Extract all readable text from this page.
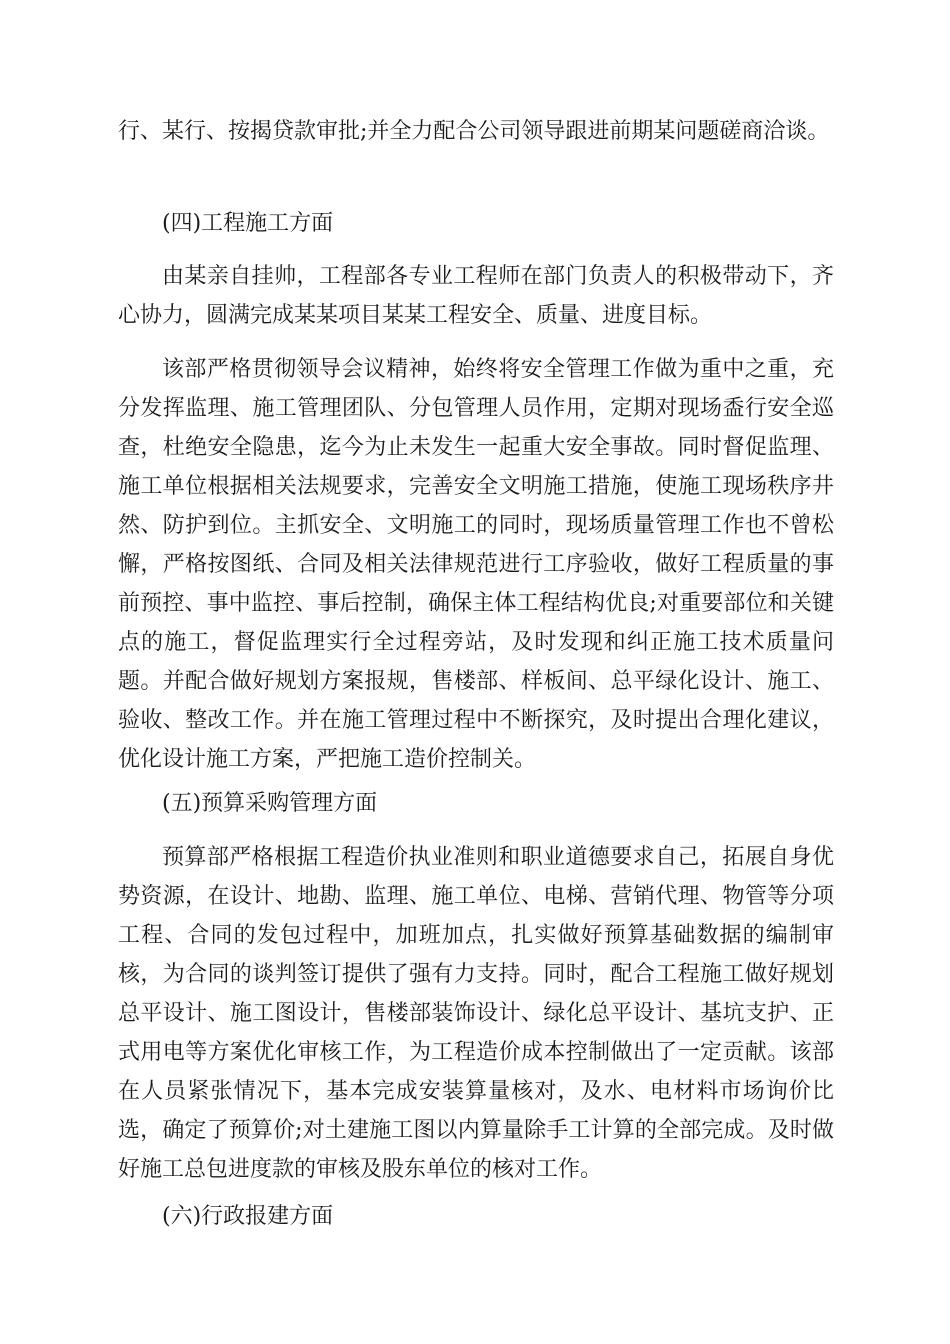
行、某行、按揭贷款审批;并全力配合公司领导跟进前期某问题磋商洽谈。

(四)工程施工方面

由某亲自挂帅，工程部各专业工程师在部门负责人的积极带动下，齐心协力，圆满完成某某项目某某工程安全、质量、进度目标。

该部严格贯彻领导会议精神，始终将安全管理工作做为重中之重，充分发挥监理、施工管理团队、分包管理人员作用，定期对现场盉行安全巡查，杜绝安全隐患，迄今为止未发生一起重大安全事故。同时督促监理、施工单位根据相关法规要求，完善安全文明施工措施，使施工现场秩序井然、防护到位。主抓安全、文明施工的同时，现场质量管理工作也不曾松懈，严格按图纸、合同及相关法律规范进行工序验收，做好工程质量的事前预控、事中监控、事后控制，确保主体工程结构优良;对重要部位和关键点的施工，督促监理实行全过程旁站，及时发现和纠正施工技术质量问题。并配合做好规划方案报规，售楼部、样板间、总平绿化设计、施工、验收、整改工作。并在施工管理过程中不断探究，及时提出合理化建议，优化设计施工方案，严把施工造价控制关。

(五)预算采购管理方面

预算部严格根据工程造价执业准则和职业道德要求自己，拓展自身优势资源，在设计、地勘、监理、施工单位、电梯、营销代理、物管等分项工程、合同的发包过程中，加班加点，扎实做好预算基础数据的编制审核，为合同的谈判签订提供了强有力支持。同时，配合工程施工做好规划总平设计、施工图设计，售楼部装饰设计、绿化总平设计、基坑支护、正式用电等方案优化审核工作，为工程造价成本控制做出了一定贡献。该部在人员紧张情况下，基本完成安装算量核对，及水、电材料市场询价比选，确定了预算价;对土建施工图以内算量除手工计算的全部完成。及时做好施工总包进度款的审核及股东单位的核对工作。

(六)行政报建方面
